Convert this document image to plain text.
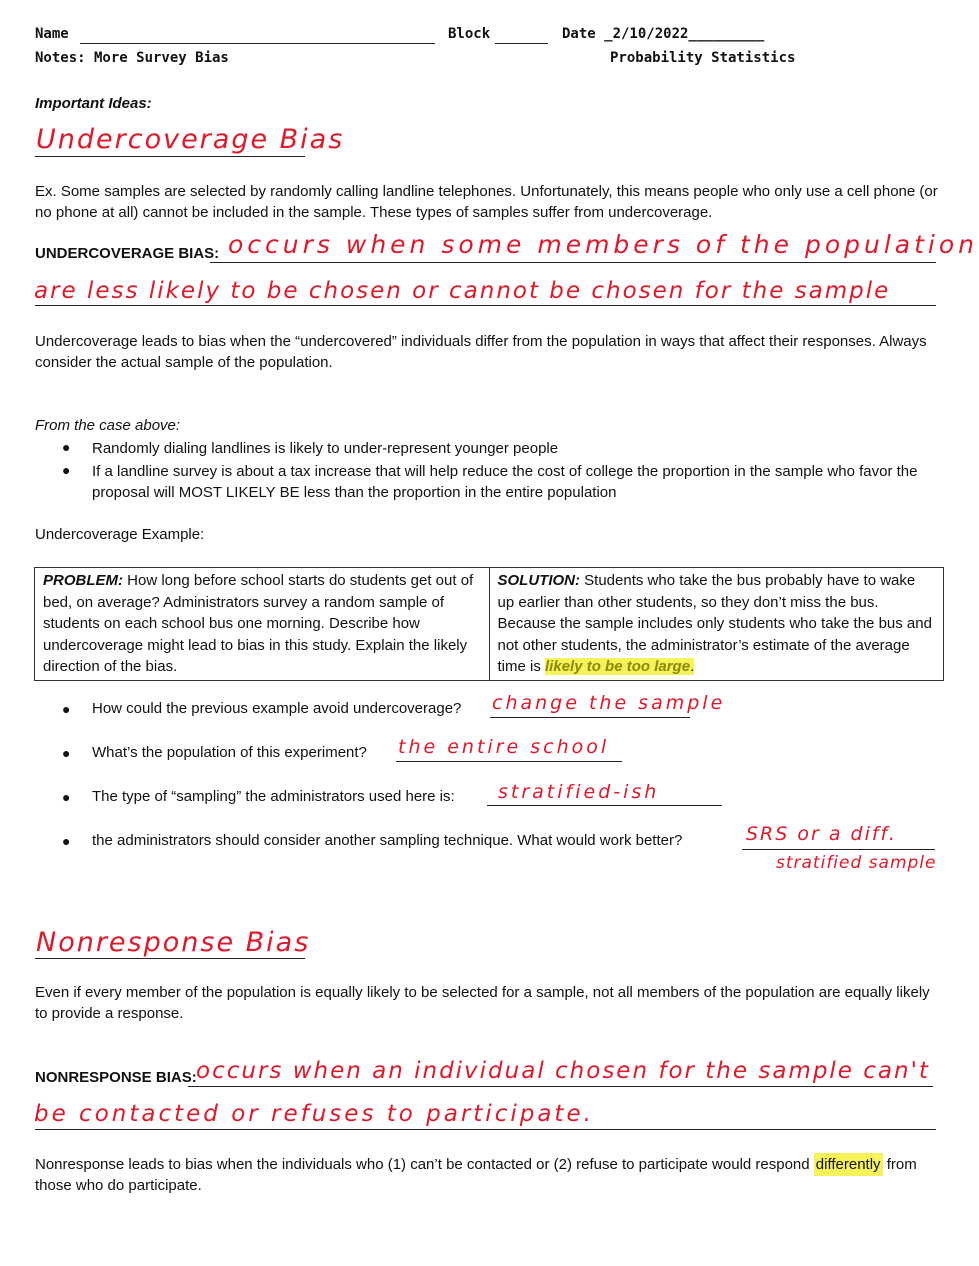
Name	Block	Date _2/10/2022_________
Notes: More Survey Bias	Probability Statistics
Important Ideas:
Undercoverage Bias
Ex. Some samples are selected by randomly calling landline telephones. Unfortunately, this means people who only use a cell phone (or no phone at all) cannot be included in the sample. These types of samples suffer from undercoverage.
UNDERCOVERAGE BIAS: occurs when some members of the population
are less likely to be chosen or cannot be chosen for the sample
Undercoverage leads to bias when the “undercovered” individuals differ from the population in ways that affect their responses. Always consider the actual sample of the population.
From the case above:
● Randomly dialing landlines is likely to under-represent younger people
● If a landline survey is about a tax increase that will help reduce the cost of college the proportion in the sample who favor the proposal will MOST LIKELY BE less than the proportion in the entire population
Undercoverage Example:
PROBLEM: How long before school starts do students get out of bed, on average? Administrators survey a random sample of students on each school bus one morning. Describe how undercoverage might lead to bias in this study. Explain the likely direction of the bias.	SOLUTION: Students who take the bus probably have to wake up earlier than other students, so they don’t miss the bus. Because the sample includes only students who take the bus and not other students, the administrator’s estimate of the average time is likely to be too large.
● How could the previous example avoid undercoverage? change the sample
● What’s the population of this experiment? the entire school
● The type of “sampling” the administrators used here is: stratified-ish
● the administrators should consider another sampling technique. What would work better?	SRS or a diff.
stratified sample
Nonresponse Bias
Even if every member of the population is equally likely to be selected for a sample, not all members of the population are equally likely to provide a response.
NONRESPONSE BIAS: occurs when an individual chosen for the sample can't
be contacted or refuses to participate.
Nonresponse leads to bias when the individuals who (1) can’t be contacted or (2) refuse to participate would respond differently from those who do participate.
